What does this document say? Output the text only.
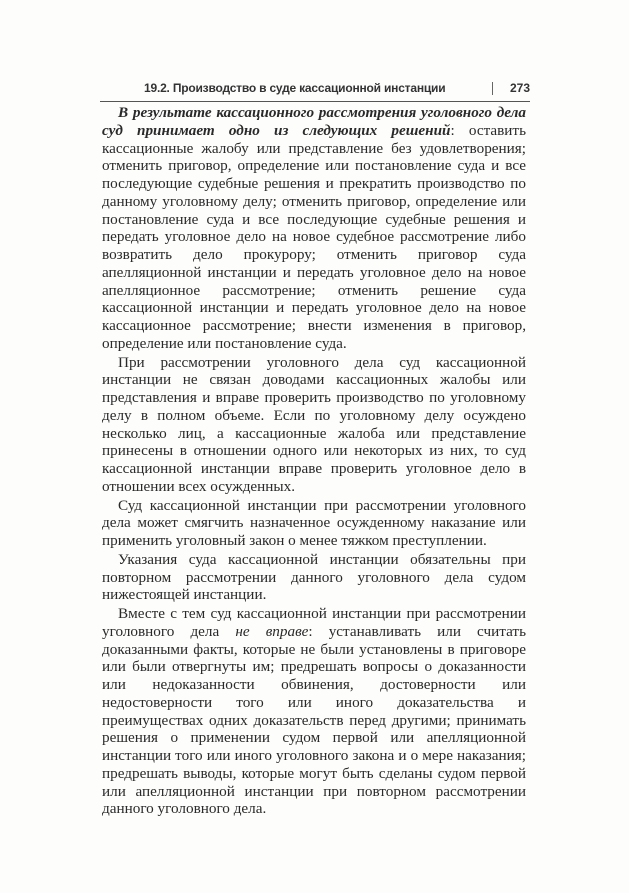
19.2. Производство в суде кассационной инстанции	273

В результате кассационного рассмотрения уголовного дела суд принимает одно из следующих решений: оставить кассационные жалобу или представление без удовлетворения; отменить приговор, определение или постановление суда и все последующие судебные решения и прекратить производство по данному уголовному делу; отменить приговор, определение или постановление суда и все последующие судебные решения и передать уголовное дело на новое судебное рассмотрение либо возвратить дело прокурору; отменить приговор суда апелляционной инстанции и передать уголовное дело на новое апелляционное рассмотрение; отменить решение суда кассационной инстанции и передать уголовное дело на новое кассационное рассмотрение; внести изменения в приговор, определение или постановление суда.

При рассмотрении уголовного дела суд кассационной инстанции не связан доводами кассационных жалобы или представления и вправе проверить производство по уголовному делу в полном объеме. Если по уголовному делу осуждено несколько лиц, а кассационные жалоба или представление принесены в отношении одного или некоторых из них, то суд кассационной инстанции вправе проверить уголовное дело в отношении всех осужденных.

Суд кассационной инстанции при рассмотрении уголовного дела может смягчить назначенное осужденному наказание или применить уголовный закон о менее тяжком преступлении.

Указания суда кассационной инстанции обязательны при повторном рассмотрении данного уголовного дела судом нижестоящей инстанции.

Вместе с тем суд кассационной инстанции при рассмотрении уголовного дела не вправе: устанавливать или считать доказанными факты, которые не были установлены в приговоре или были отвергнуты им; предрешать вопросы о доказанности или недоказанности обвинения, достоверности или недостоверности того или иного доказательства и преимуществах одних доказательств перед другими; принимать решения о применении судом первой или апелляционной инстанции того или иного уголовного закона и о мере наказания; предрешать выводы, которые могут быть сделаны судом первой или апелляционной инстанции при повторном рассмотрении данного уголовного дела.
